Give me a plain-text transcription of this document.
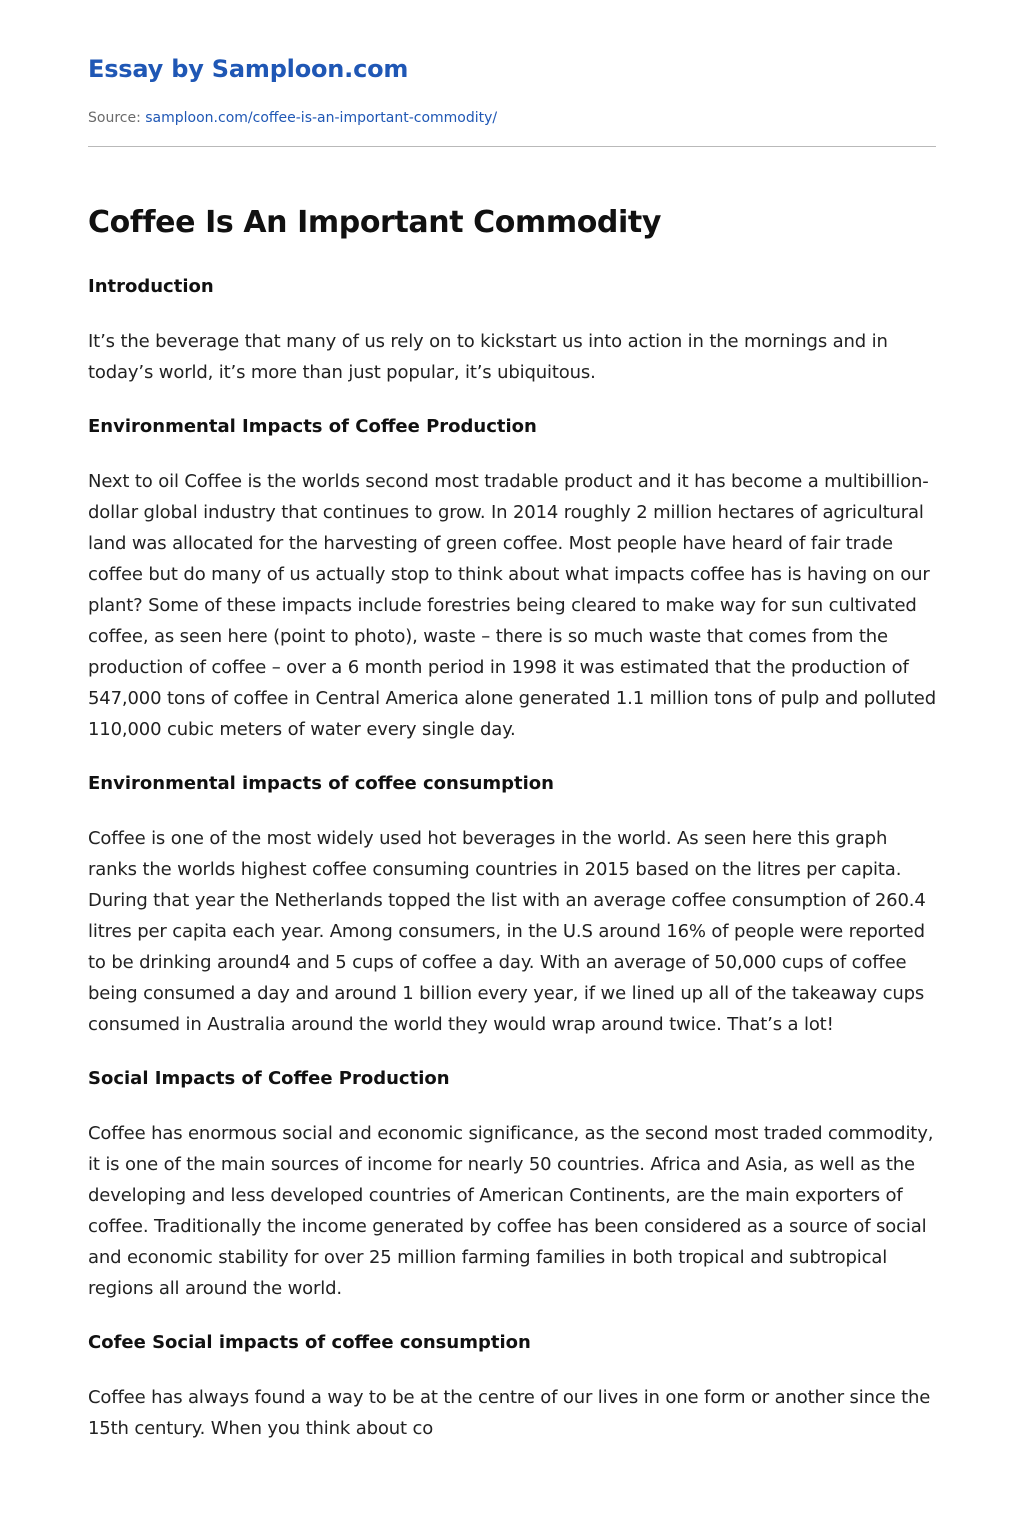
Essay by Samploon.com
Source: samploon.com/coffee-is-an-important-commodity/
Coffee Is An Important Commodity
Introduction

It’s the beverage that many of us rely on to kickstart us into action in the mornings and in today’s world, it’s more than just popular, it’s ubiquitous.

Environmental Impacts of Coffee Production

Next to oil Coffee is the worlds second most tradable product and it has become a multibillion-dollar global industry that continues to grow. In 2014 roughly 2 million hectares of agricultural land was allocated for the harvesting of green coffee. Most people have heard of fair trade coffee but do many of us actually stop to think about what impacts coffee has is having on our plant? Some of these impacts include forestries being cleared to make way for sun cultivated coffee, as seen here (point to photo), waste – there is so much waste that comes from the production of coffee – over a 6 month period in 1998 it was estimated that the production of 547,000 tons of coffee in Central America alone generated 1.1 million tons of pulp and polluted 110,000 cubic meters of water every single day.

Environmental impacts of coffee consumption

Coffee is one of the most widely used hot beverages in the world. As seen here this graph ranks the worlds highest coffee consuming countries in 2015 based on the litres per capita. During that year the Netherlands topped the list with an average coffee consumption of 260.4 litres per capita each year. Among consumers, in the U.S around 16% of people were reported to be drinking around4 and 5 cups of coffee a day. With an average of 50,000 cups of coffee being consumed a day and around 1 billion every year, if we lined up all of the takeaway cups consumed in Australia around the world they would wrap around twice. That’s a lot!

Social Impacts of Coffee Production

Coffee has enormous social and economic significance, as the second most traded commodity, it is one of the main sources of income for nearly 50 countries. Africa and Asia, as well as the developing and less developed countries of American Continents, are the main exporters of coffee. Traditionally the income generated by coffee has been considered as a source of social and economic stability for over 25 million farming families in both tropical and subtropical regions all around the world.

Cofee Social impacts of coffee consumption

Coffee has always found a way to be at the centre of our lives in one form or another since the 15th century. When you think about co
